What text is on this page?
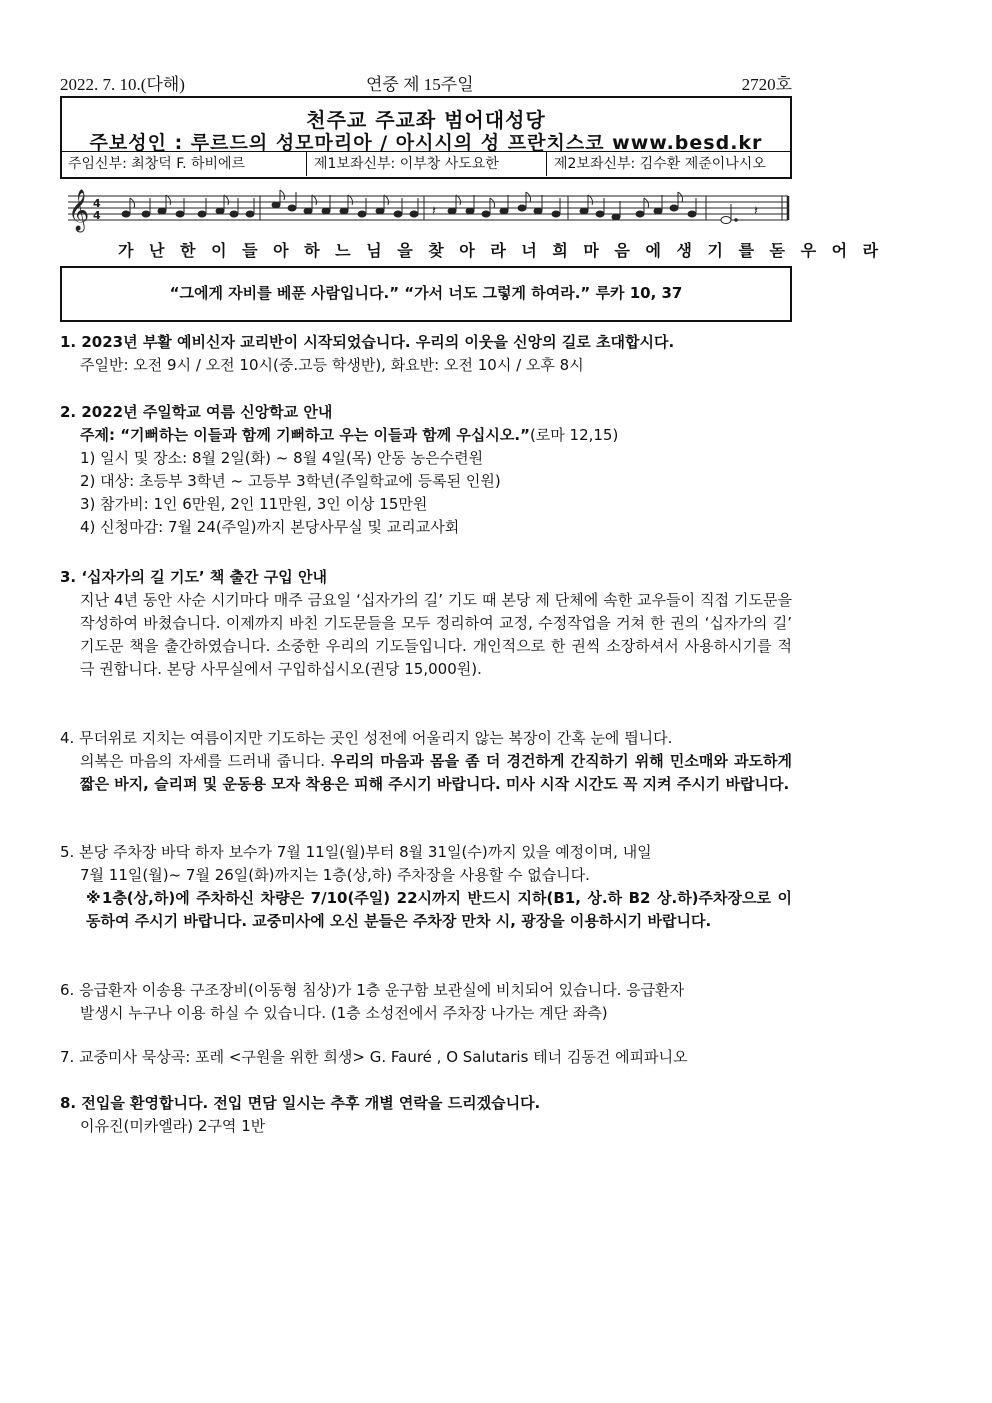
2022. 7. 10.(다해)	연중 제 15주일	2720호
천주교 주교좌 범어대성당
주보성인 : 루르드의 성모마리아 / 아시시의 성 프란치스코 www.besd.kr
주임신부: 최창덕 F. 하비에르	제1보좌신부: 이부창 사도요한	제2보좌신부: 김수환 제준이나시오
𝄞 4
4	𝄽	𝄽
가 난 한 이 들 아 하 느 님 을 찾 아 라 너 희 마 음 에 생 기 를 돋 우 어 라
“그에게 자비를 베푼 사람입니다.” “가서 너도 그렇게 하여라.” 루카 10, 37

1. 2023년 부활 예비신자 교리반이 시작되었습니다. 우리의 이웃을 신앙의 길로 초대합시다.

주일반: 오전 9시 / 오전 10시(중.고등 학생반), 화요반: 오전 10시 / 오후 8시

2. 2022년 주일학교 여름 신앙학교 안내

주제: “기뻐하는 이들과 함께 기뻐하고 우는 이들과 함께 우십시오.”(로마 12,15)

1) 일시 및 장소: 8월 2일(화) ~ 8월 4일(목) 안동 농은수련원

2) 대상: 초등부 3학년 ~ 고등부 3학년(주일학교에 등록된 인원)

3) 참가비: 1인 6만원, 2인 11만원, 3인 이상 15만원

4) 신청마감: 7월 24(주일)까지 본당사무실 및 교리교사회

3. ‘십자가의 길 기도’ 책 출간 구입 안내

지난 4년 동안 사순 시기마다 매주 금요일 ‘십자가의 길’ 기도 때 본당 제 단체에 속한 교우들이 직접 기도문을 작성하여 바쳤습니다. 이제까지 바친 기도문들을 모두 정리하여 교정, 수정작업을 거쳐 한 권의 ‘십자가의 길’ 기도문 책을 출간하였습니다. 소중한 우리의 기도들입니다. 개인적으로 한 권씩 소장하셔서 사용하시기를 적극 권합니다. 본당 사무실에서 구입하십시오(권당 15,000원).

4. 무더위로 지치는 여름이지만 기도하는 곳인 성전에 어울리지 않는 복장이 간혹 눈에 띕니다.

의복은 마음의 자세를 드러내 줍니다. 우리의 마음과 몸을 좀 더 경건하게 간직하기 위해 민소매와 과도하게 짧은 바지, 슬리퍼 및 운동용 모자 착용은 피해 주시기 바랍니다. 미사 시작 시간도 꼭 지켜 주시기 바랍니다.

5. 본당 주차장 바닥 하자 보수가 7월 11일(월)부터 8월 31일(수)까지 있을 예정이며, 내일

7월 11일(월)~ 7월 26일(화)까지는 1층(상,하) 주차장을 사용할 수 없습니다.

※1층(상,하)에 주차하신 차량은 7/10(주일) 22시까지 반드시 지하(B1, 상.하 B2 상.하)주차장으로 이동하여 주시기 바랍니다. 교중미사에 오신 분들은 주차장 만차 시, 광장을 이용하시기 바랍니다.

6. 응급환자 이송용 구조장비(이동형 침상)가 1층 운구함 보관실에 비치되어 있습니다. 응급환자

발생시 누구나 이용 하실 수 있습니다. (1층 소성전에서 주차장 나가는 계단 좌측)

7. 교중미사 묵상곡: 포레 <구원을 위한 희생> G. Fauré , O Salutaris 테너 김동건 에피파니오

8. 전입을 환영합니다. 전입 면담 일시는 추후 개별 연락을 드리겠습니다.

이유진(미카엘라) 2구역 1반
